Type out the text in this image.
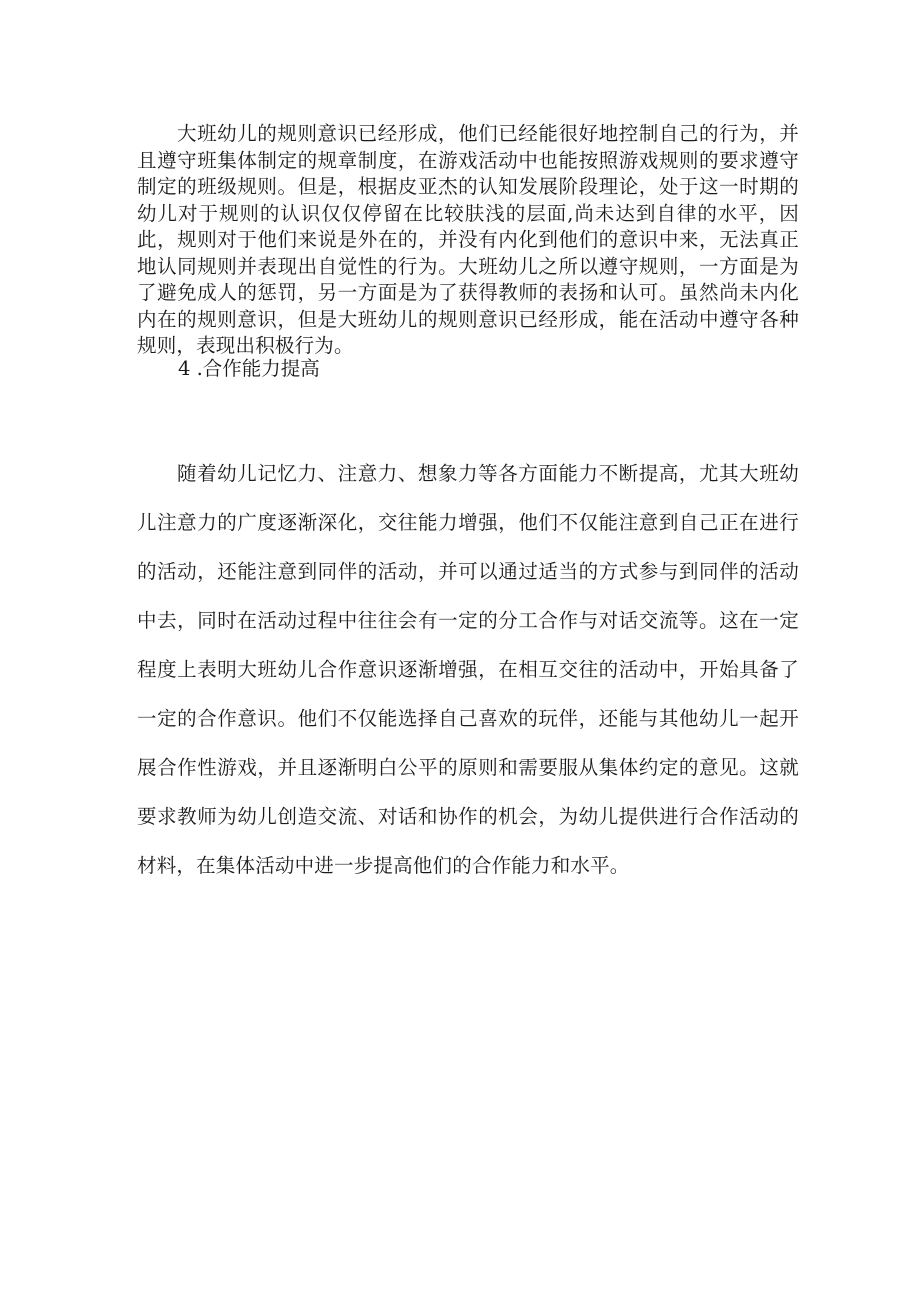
大班幼儿的规则意识已经形成，他们已经能很好地控制自己的行为，并且遵守班集体制定的规章制度，在游戏活动中也能按照游戏规则的要求遵守制定的班级规则。但是，根据皮亚杰的认知发展阶段理论，处于这一时期的幼儿对于规则的认识仅仅停留在比较肤浅的层面,尚未达到自律的水平，因此，规则对于他们来说是外在的，并没有内化到他们的意识中来，无法真正地认同规则并表现出自觉性的行为。大班幼儿之所以遵守规则，一方面是为了避免成人的惩罚，另一方面是为了获得教师的表扬和认可。虽然尚未内化内在的规则意识，但是大班幼儿的规则意识已经形成，能在活动中遵守各种规则，表现出积极行为。

4 .合作能力提高

随着幼儿记忆力、注意力、想象力等各方面能力不断提高，尤其大班幼儿注意力的广度逐渐深化，交往能力增强，他们不仅能注意到自己正在进行的活动，还能注意到同伴的活动，并可以通过适当的方式参与到同伴的活动中去，同时在活动过程中往往会有一定的分工合作与对话交流等。这在一定程度上表明大班幼儿合作意识逐渐增强，在相互交往的活动中，开始具备了一定的合作意识。他们不仅能选择自己喜欢的玩伴，还能与其他幼儿一起开展合作性游戏，并且逐渐明白公平的原则和需要服从集体约定的意见。这就要求教师为幼儿创造交流、对话和协作的机会，为幼儿提供进行合作活动的材料，在集体活动中进一步提高他们的合作能力和水平。
